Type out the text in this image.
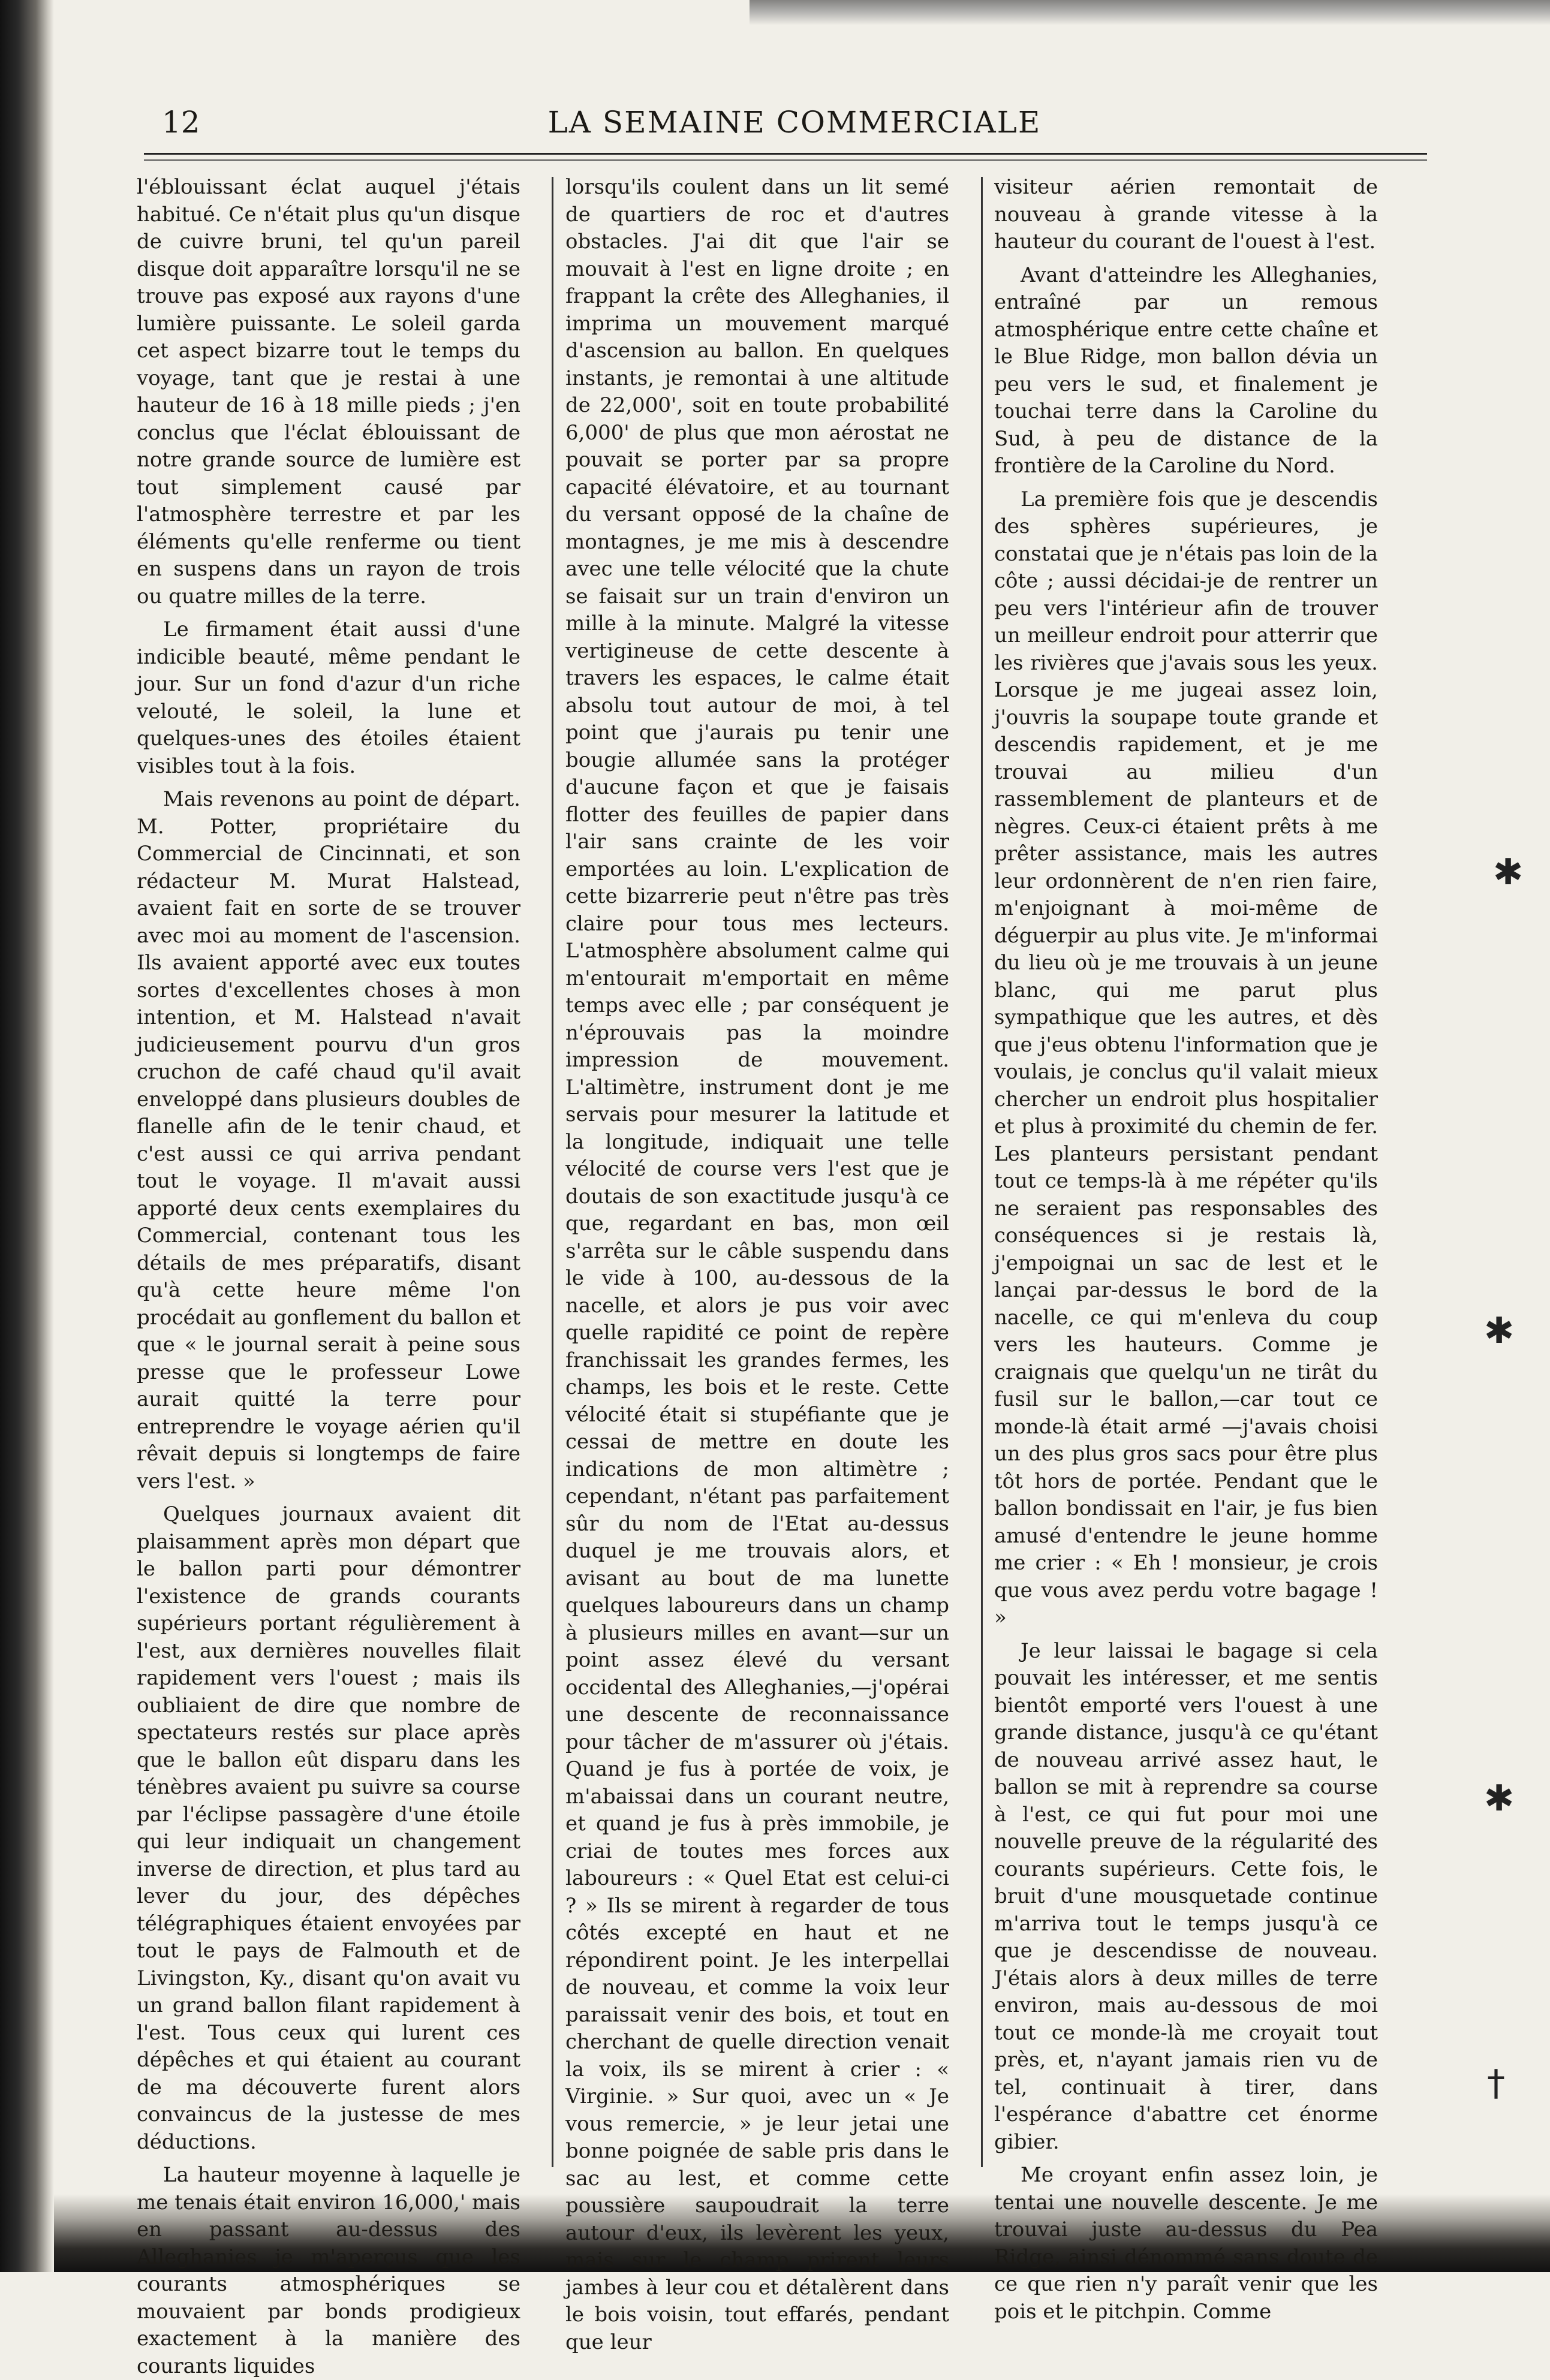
12	LA SEMAINE COMMERCIALE

l'éblouissant éclat auquel j'étais habitué. Ce n'était plus qu'un disque de cuivre bruni, tel qu'un pareil disque doit apparaître lorsqu'il ne se trouve pas exposé aux rayons d'une lumière puissante. Le soleil garda cet aspect bizarre tout le temps du voyage, tant que je restai à une hauteur de 16 à 18 mille pieds ; j'en conclus que l'éclat éblouissant de notre grande source de lumière est tout simplement causé par l'atmosphère terrestre et par les éléments qu'elle renferme ou tient en suspens dans un rayon de trois ou quatre milles de la terre.

Le firmament était aussi d'une indicible beauté, même pendant le jour. Sur un fond d'azur d'un riche velouté, le soleil, la lune et quelques-unes des étoiles étaient visibles tout à la fois.

Mais revenons au point de départ. M. Potter, propriétaire du Commercial de Cincinnati, et son rédacteur M. Murat Halstead, avaient fait en sorte de se trouver avec moi au moment de l'ascension. Ils avaient apporté avec eux toutes sortes d'excellentes choses à mon intention, et M. Halstead n'avait judicieusement pourvu d'un gros cruchon de café chaud qu'il avait enveloppé dans plusieurs doubles de flanelle afin de le tenir chaud, et c'est aussi ce qui arriva pendant tout le voyage. Il m'avait aussi apporté deux cents exemplaires du Commercial, contenant tous les détails de mes préparatifs, disant qu'à cette heure même l'on procédait au gonflement du ballon et que « le journal serait à peine sous presse que le professeur Lowe aurait quitté la terre pour entreprendre le voyage aérien qu'il rêvait depuis si longtemps de faire vers l'est. »

Quelques journaux avaient dit plaisamment après mon départ que le ballon parti pour démontrer l'existence de grands courants supérieurs portant régulièrement à l'est, aux dernières nouvelles filait rapidement vers l'ouest ; mais ils oubliaient de dire que nombre de spectateurs restés sur place après que le ballon eût disparu dans les ténèbres avaient pu suivre sa course par l'éclipse passagère d'une étoile qui leur indiquait un changement inverse de direction, et plus tard au lever du jour, des dépêches télégraphiques étaient envoyées par tout le pays de Falmouth et de Livingston, Ky., disant qu'on avait vu un grand ballon filant rapidement à l'est. Tous ceux qui lurent ces dépêches et qui étaient au courant de ma découverte furent alors convaincus de la justesse de mes déductions.

La hauteur moyenne à laquelle je me tenais était environ 16,000,' mais en passant au-dessus des Alleghanies je m'aperçus que les courants atmosphériques se mouvaient par bonds prodigieux exactement à la manière des courants liquides

lorsqu'ils coulent dans un lit semé de quartiers de roc et d'autres obstacles. J'ai dit que l'air se mouvait à l'est en ligne droite ; en frappant la crête des Alleghanies, il imprima un mouvement marqué d'ascension au ballon. En quelques instants, je remontai à une altitude de 22,000', soit en toute probabilité 6,000' de plus que mon aérostat ne pouvait se porter par sa propre capacité élévatoire, et au tournant du versant opposé de la chaîne de montagnes, je me mis à descendre avec une telle vélocité que la chute se faisait sur un train d'environ un mille à la minute. Malgré la vitesse vertigineuse de cette descente à travers les espaces, le calme était absolu tout autour de moi, à tel point que j'aurais pu tenir une bougie allumée sans la protéger d'aucune façon et que je faisais flotter des feuilles de papier dans l'air sans crainte de les voir emportées au loin. L'explication de cette bizarrerie peut n'être pas très claire pour tous mes lecteurs. L'atmosphère absolument calme qui m'entourait m'emportait en même temps avec elle ; par conséquent je n'éprouvais pas la moindre impression de mouvement. L'altimètre, instrument dont je me servais pour mesurer la latitude et la longitude, indiquait une telle vélocité de course vers l'est que je doutais de son exactitude jusqu'à ce que, regardant en bas, mon œil s'arrêta sur le câble suspendu dans le vide à 100, au-dessous de la nacelle, et alors je pus voir avec quelle rapidité ce point de repère franchissait les grandes fermes, les champs, les bois et le reste. Cette vélocité était si stupéfiante que je cessai de mettre en doute les indications de mon altimètre ; cependant, n'étant pas parfaitement sûr du nom de l'Etat au-dessus duquel je me trouvais alors, et avisant au bout de ma lunette quelques laboureurs dans un champ à plusieurs milles en avant—sur un point assez élevé du versant occidental des Alleghanies,—j'opérai une descente de reconnaissance pour tâcher de m'assurer où j'étais. Quand je fus à portée de voix, je m'abaissai dans un courant neutre, et quand je fus à près immobile, je criai de toutes mes forces aux laboureurs : « Quel Etat est celui-ci ? » Ils se mirent à regarder de tous côtés excepté en haut et ne répondirent point. Je les interpellai de nouveau, et comme la voix leur paraissait venir des bois, et tout en cherchant de quelle direction venait la voix, ils se mirent à crier : « Virginie. » Sur quoi, avec un « Je vous remercie, » je leur jetai une bonne poignée de sable pris dans le sac au lest, et comme cette poussière saupoudrait la terre autour d'eux, ils levèrent les yeux, mais sur le champ prirent leurs jambes à leur cou et détalèrent dans le bois voisin, tout effarés, pendant que leur

visiteur aérien remontait de nouveau à grande vitesse à la hauteur du courant de l'ouest à l'est.

Avant d'atteindre les Alleghanies, entraîné par un remous atmosphérique entre cette chaîne et le Blue Ridge, mon ballon dévia un peu vers le sud, et finalement je touchai terre dans la Caroline du Sud, à peu de distance de la frontière de la Caroline du Nord.

La première fois que je descendis des sphères supérieures, je constatai que je n'étais pas loin de la côte ; aussi décidai-je de rentrer un peu vers l'intérieur afin de trouver un meilleur endroit pour atterrir que les rivières que j'avais sous les yeux. Lorsque je me jugeai assez loin, j'ouvris la soupape toute grande et descendis rapidement, et je me trouvai au milieu d'un rassemblement de planteurs et de nègres. Ceux-ci étaient prêts à me prêter assistance, mais les autres leur ordonnèrent de n'en rien faire, m'enjoignant à moi-même de déguerpir au plus vite. Je m'informai du lieu où je me trouvais à un jeune blanc, qui me parut plus sympathique que les autres, et dès que j'eus obtenu l'information que je voulais, je conclus qu'il valait mieux chercher un endroit plus hospitalier et plus à proximité du chemin de fer. Les planteurs persistant pendant tout ce temps-là à me répéter qu'ils ne seraient pas responsables des conséquences si je restais là, j'empoignai un sac de lest et le lançai par-dessus le bord de la nacelle, ce qui m'enleva du coup vers les hauteurs. Comme je craignais que quelqu'un ne tirât du fusil sur le ballon,—car tout ce monde-là était armé —j'avais choisi un des plus gros sacs pour être plus tôt hors de portée. Pendant que le ballon bondissait en l'air, je fus bien amusé d'entendre le jeune homme me crier : « Eh ! monsieur, je crois que vous avez perdu votre bagage ! »

Je leur laissai le bagage si cela pouvait les intéresser, et me sentis bientôt emporté vers l'ouest à une grande distance, jusqu'à ce qu'étant de nouveau arrivé assez haut, le ballon se mit à reprendre sa course à l'est, ce qui fut pour moi une nouvelle preuve de la régularité des courants supérieurs. Cette fois, le bruit d'une mousquetade continue m'arriva tout le temps jusqu'à ce que je descendisse de nouveau. J'étais alors à deux milles de terre environ, mais au-dessous de moi tout ce monde-là me croyait tout près, et, n'ayant jamais rien vu de tel, continuait à tirer, dans l'espérance d'abattre cet énorme gibier.

Me croyant enfin assez loin, je tentai une nouvelle descente. Je me trouvai juste au-dessus du Pea Ridge, ainsi dénommé sans doute de ce que rien n'y paraît venir que les pois et le pitchpin. Comme

✱
✱
✱
†
